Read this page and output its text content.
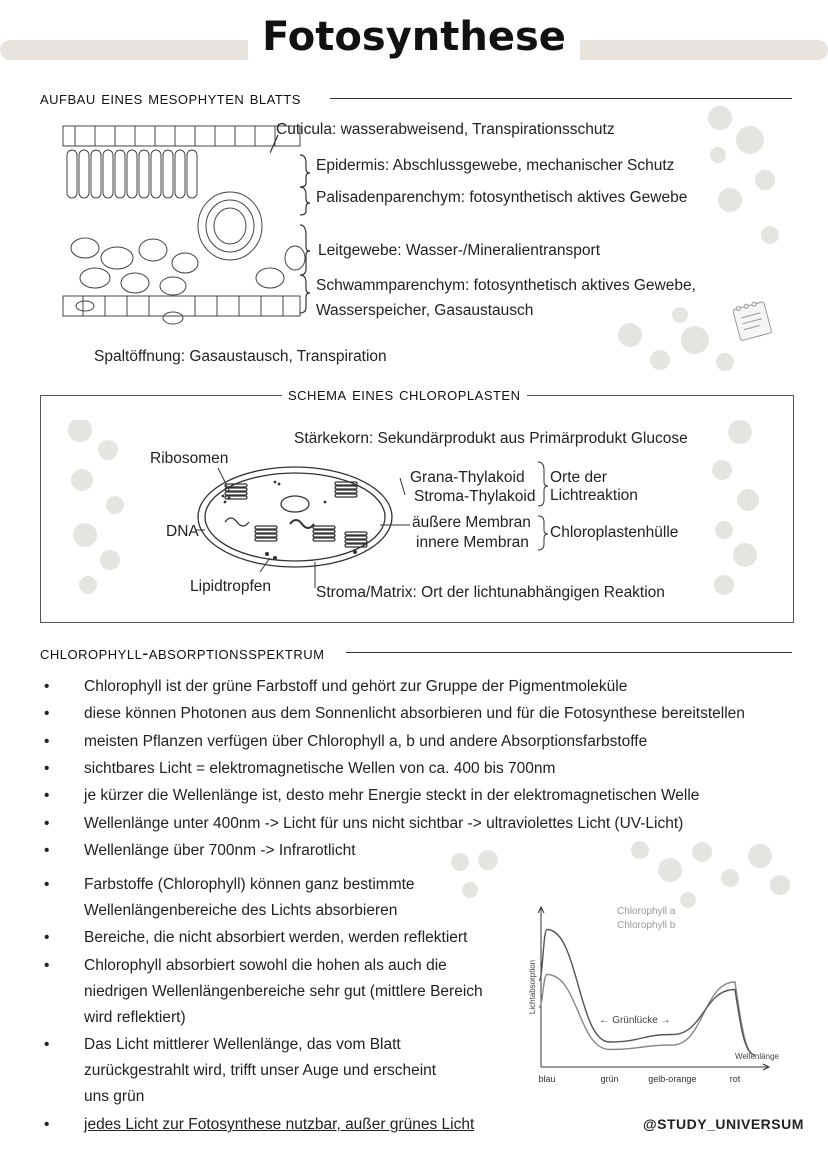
Fotosynthese
aufbau eines mesophyten blatts
Cuticula: wasserabweisend, Transpirationsschutz
Epidermis: Abschlussgewebe, mechanischer Schutz
Palisadenparenchym: fotosynthetisch aktives Gewebe
Leitgewebe: Wasser-/Mineralientransport
Schwammparenchym: fotosynthetisch aktives Gewebe,
Wasserspeicher, Gasaustausch
Spaltöffnung: Gasaustausch, Transpiration
schema eines chloroplasten
Stärkekorn: Sekundärprodukt aus Primärprodukt Glucose
Ribosomen
Grana-Thylakoid
Stroma-Thylakoid
Orte der
Lichtreaktion
DNA
äußere Membran
innere Membran
Chloroplastenhülle
Lipidtropfen	Stroma/Matrix: Ort der lichtunabhängigen Reaktion
chlorophyll-absorptionsspektrum
•	Chlorophyll ist der grüne Farbstoff und gehört zur Gruppe der Pigmentmoleküle
•	diese können Photonen aus dem Sonnenlicht absorbieren und für die Fotosynthese bereitstellen
•	meisten Pflanzen verfügen über Chlorophyll a, b und andere Absorptionsfarbstoffe
•	sichtbares Licht = elektromagnetische Wellen von ca. 400 bis 700nm
•	je kürzer die Wellenlänge ist, desto mehr Energie steckt in der elektromagnetischen Welle
•	Wellenlänge unter 400nm -> Licht für uns nicht sichtbar -> ultraviolettes Licht (UV-Licht)
•	Wellenlänge über 700nm -> Infrarotlicht
•	Farbstoffe (Chlorophyll) können ganz bestimmte
Wellenlängenbereiche des Lichts absorbieren
•	Bereiche, die nicht absorbiert werden, werden reflektiert
•	Chlorophyll absorbiert sowohl die hohen als auch die
niedrigen Wellenlängenbereiche sehr gut (mittlere Bereich
wird reflektiert)
•	Das Licht mittlerer Wellenlänge, das vom Blatt
zurückgestrahlt wird, trifft unser Auge und erscheint
uns grün
•	jedes Licht zur Fotosynthese nutzbar, außer grünes Licht
Wellenlänge
Lichtabsorption
blau	grün	gelb-orange	rot
Chlorophyll a
Chlorophyll b
← Grünlücke →
@STUDY_UNIVERSUM
